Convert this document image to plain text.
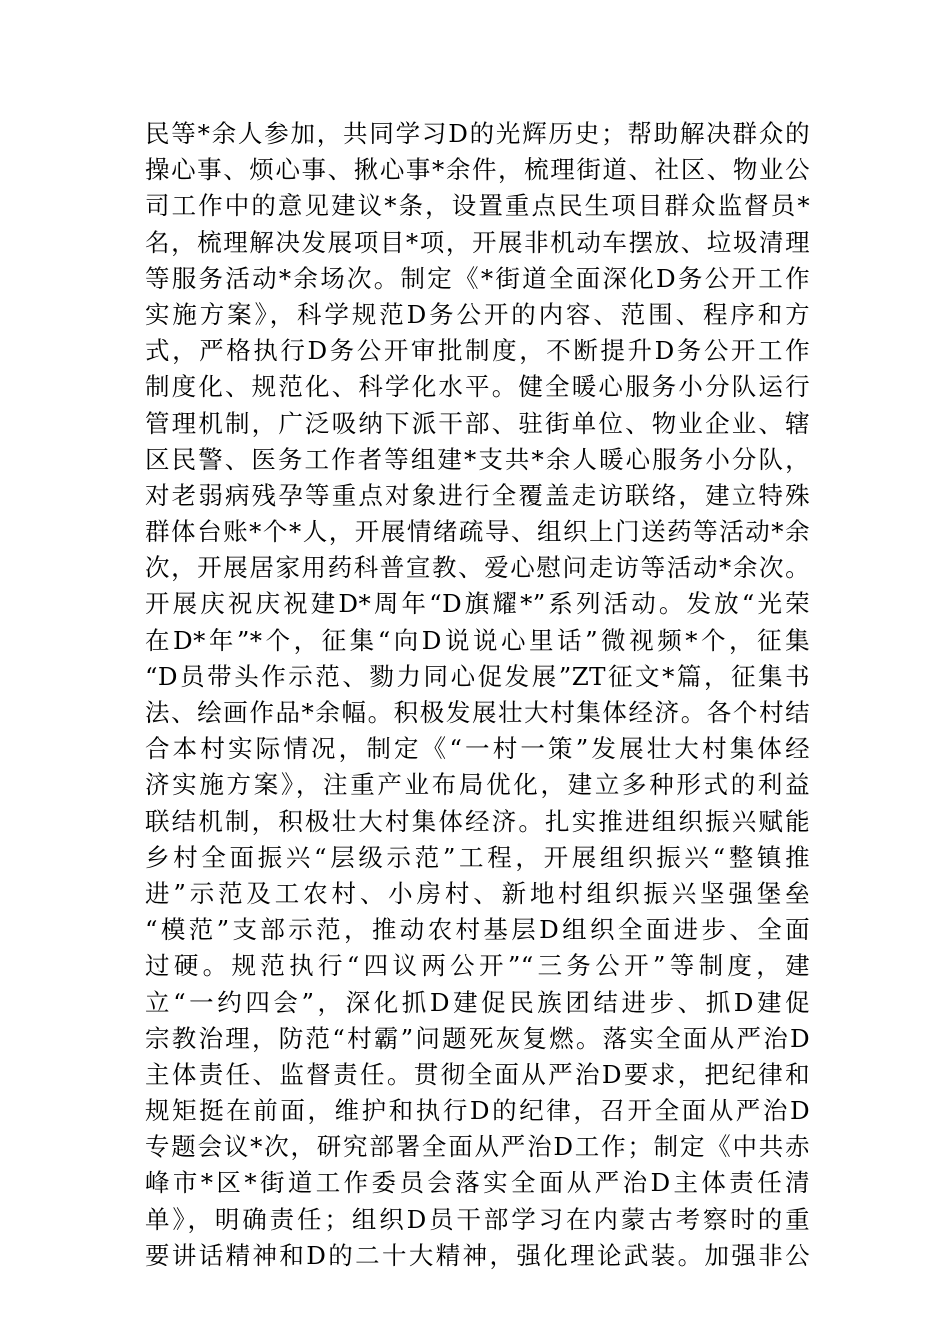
民等*余人参加，共同学习D的光辉历史；帮助解决群众的
操心事、烦心事、揪心事*余件，梳理街道、社区、物业公
司工作中的意见建议*条，设置重点民生项目群众监督员*
名，梳理解决发展项目*项，开展非机动车摆放、垃圾清理
等服务活动*余场次。制定《*街道全面深化D务公开工作
实施方案》，科学规范D务公开的内容、范围、程序和方
式，严格执行D务公开审批制度，不断提升D务公开工作
制度化、规范化、科学化水平。健全暖心服务小分队运行
管理机制，广泛吸纳下派干部、驻街单位、物业企业、辖
区民警、医务工作者等组建*支共*余人暖心服务小分队，
对老弱病残孕等重点对象进行全覆盖走访联络，建立特殊
群体台账*个*人，开展情绪疏导、组织上门送药等活动*余
次，开展居家用药科普宣教、爱心慰问走访等活动*余次。
开展庆祝庆祝建D*周年“D旗耀*”系列活动。发放“光荣
在D*年”*个，征集“向D说说心里话”微视频*个，征集
“D员带头作示范、勠力同心促发展”ZT征文*篇，征集书
法、绘画作品*余幅。积极发展壮大村集体经济。各个村结
合本村实际情况，制定《“一村一策”发展壮大村集体经
济实施方案》，注重产业布局优化，建立多种形式的利益
联结机制，积极壮大村集体经济。扎实推进组织振兴赋能
乡村全面振兴“层级示范”工程，开展组织振兴“整镇推
进”示范及工农村、小房村、新地村组织振兴坚强堡垒
“模范”支部示范，推动农村基层D组织全面进步、全面
过硬。规范执行“四议两公开”“三务公开”等制度，建
立“一约四会”，深化抓D建促民族团结进步、抓D建促
宗教治理，防范“村霸”问题死灰复燃。落实全面从严治D
主体责任、监督责任。贯彻全面从严治D要求，把纪律和
规矩挺在前面，维护和执行D的纪律，召开全面从严治D
专题会议*次，研究部署全面从严治D工作；制定《中共赤
峰市*区*街道工作委员会落实全面从严治D主体责任清
单》，明确责任；组织D员干部学习在内蒙古考察时的重
要讲话精神和D的二十大精神，强化理论武装。加强非公
